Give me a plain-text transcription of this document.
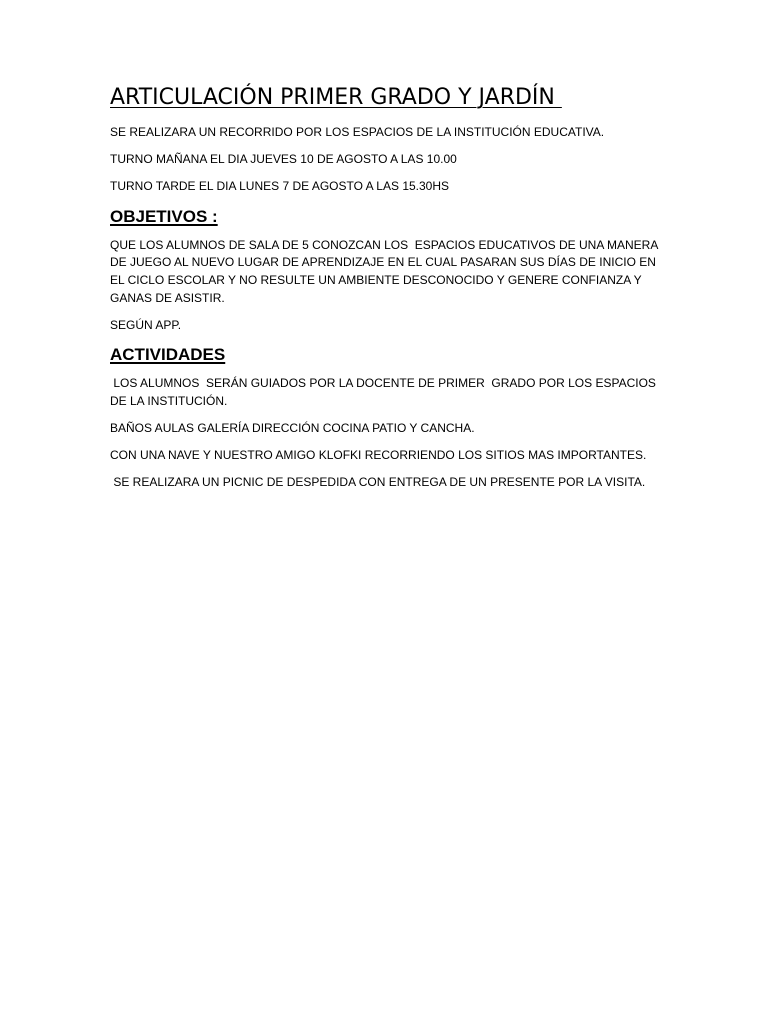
ARTICULACIÓN PRIMER GRADO Y JARDÍN

SE REALIZARA UN RECORRIDO POR LOS ESPACIOS DE LA INSTITUCIÓN EDUCATIVA.

TURNO MAÑANA EL DIA JUEVES 10 DE AGOSTO A LAS 10.00

TURNO TARDE EL DIA LUNES 7 DE AGOSTO A LAS 15.30HS

OBJETIVOS :

QUE LOS ALUMNOS DE SALA DE 5 CONOZCAN LOS  ESPACIOS EDUCATIVOS DE UNA MANERA DE JUEGO AL NUEVO LUGAR DE APRENDIZAJE EN EL CUAL PASARAN SUS DÍAS DE INICIO EN EL CICLO ESCOLAR Y NO RESULTE UN AMBIENTE DESCONOCIDO Y GENERE CONFIANZA Y GANAS DE ASISTIR.

SEGÚN APP.

ACTIVIDADES

LOS ALUMNOS  SERÁN GUIADOS POR LA DOCENTE DE PRIMER  GRADO POR LOS ESPACIOS DE LA INSTITUCIÓN.

BAÑOS AULAS GALERÍA DIRECCIÓN COCINA PATIO Y CANCHA.

CON UNA NAVE Y NUESTRO AMIGO KLOFKI RECORRIENDO LOS SITIOS MAS IMPORTANTES.

SE REALIZARA UN PICNIC DE DESPEDIDA CON ENTREGA DE UN PRESENTE POR LA VISITA.
